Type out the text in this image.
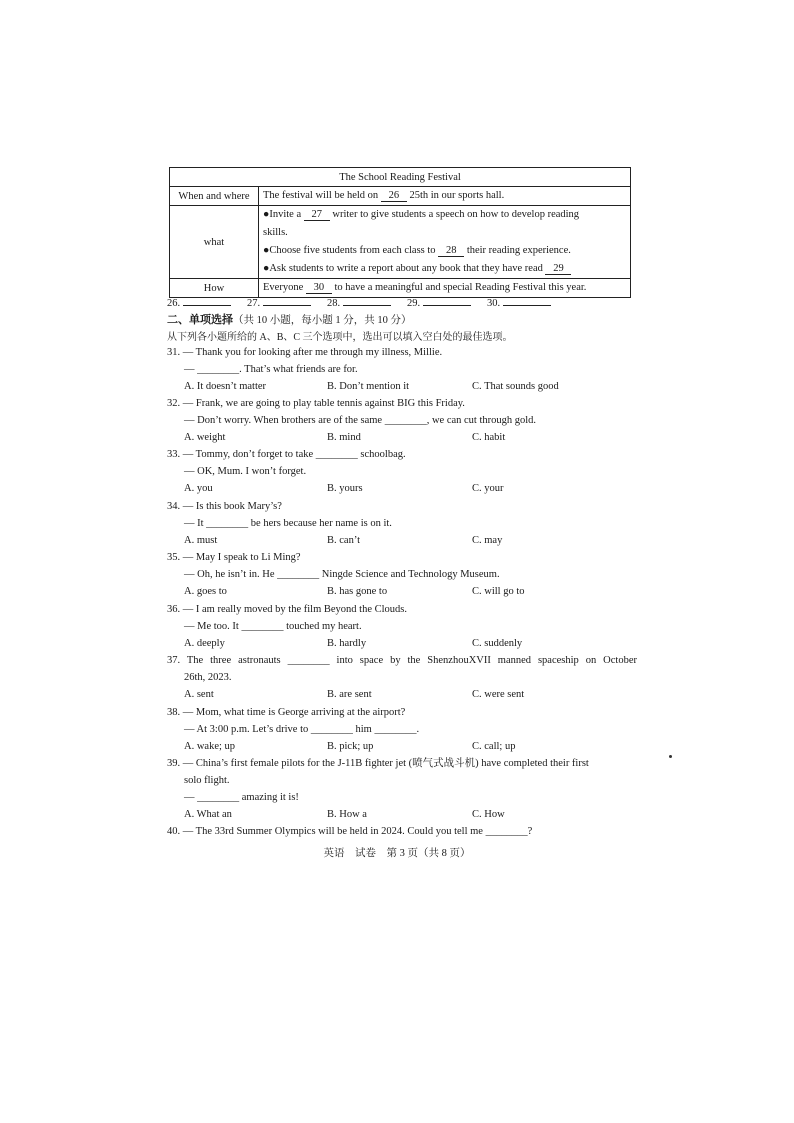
The School Reading Festival	
When and where	The festival will be held on 26 25th in our sports hall.

what	●Invite a 27 writer to give students a speech on how to develop reading
skills.
●Choose five students from each class to 28 their reading experience.
●Ask students to write a report about any book that they have read 29

How	Everyone 30 to have a meaningful and special Reading Festival this year.
26.	27.	28.	29.	30.
二、单项选择（共 10 小题，每小题 1 分，共 10 分）
从下列各小题所给的 A、B、C 三个选项中，选出可以填入空白处的最佳选项。
31. — Thank you for looking after me through my illness, Millie.
— ________. That’s what friends are for.
A. It doesn’t matter	B. Don’t mention it	C. That sounds good
32. — Frank, we are going to play table tennis against BIG this Friday.
— Don’t worry. When brothers are of the same ________, we can cut through gold.
A. weight	B. mind	C. habit
33. — Tommy, don’t forget to take ________ schoolbag.
— OK, Mum. I won’t forget.
A. you	B. yours	C. your
34. — Is this book Mary’s?
— It ________ be hers because her name is on it.
A. must	B. can’t	C. may
35. — May I speak to Li Ming?
— Oh, he isn’t in. He ________ Ningde Science and Technology Museum.
A. goes to	B. has gone to	C. will go to
36. — I am really moved by the film Beyond the Clouds.
— Me too. It ________ touched my heart.
A. deeply	B. hardly	C. suddenly
37. The three astronauts ________ into space by the ShenzhouXVII manned spaceship on October
26th, 2023.
A. sent	B. are sent	C. were sent
38. — Mom, what time is George arriving at the airport?
— At 3:00 p.m. Let’s drive to ________ him ________.
A. wake; up	B. pick; up	C. call; up
39. — China’s first female pilots for the J-11B fighter jet (喷气式战斗机) have completed their first
solo flight.
— ________ amazing it is!
A. What an	B. How a	C. How
40. — The 33rd Summer Olympics will be held in 2024. Could you tell me ________?
英语　试卷　第 3 页（共 8 页）
